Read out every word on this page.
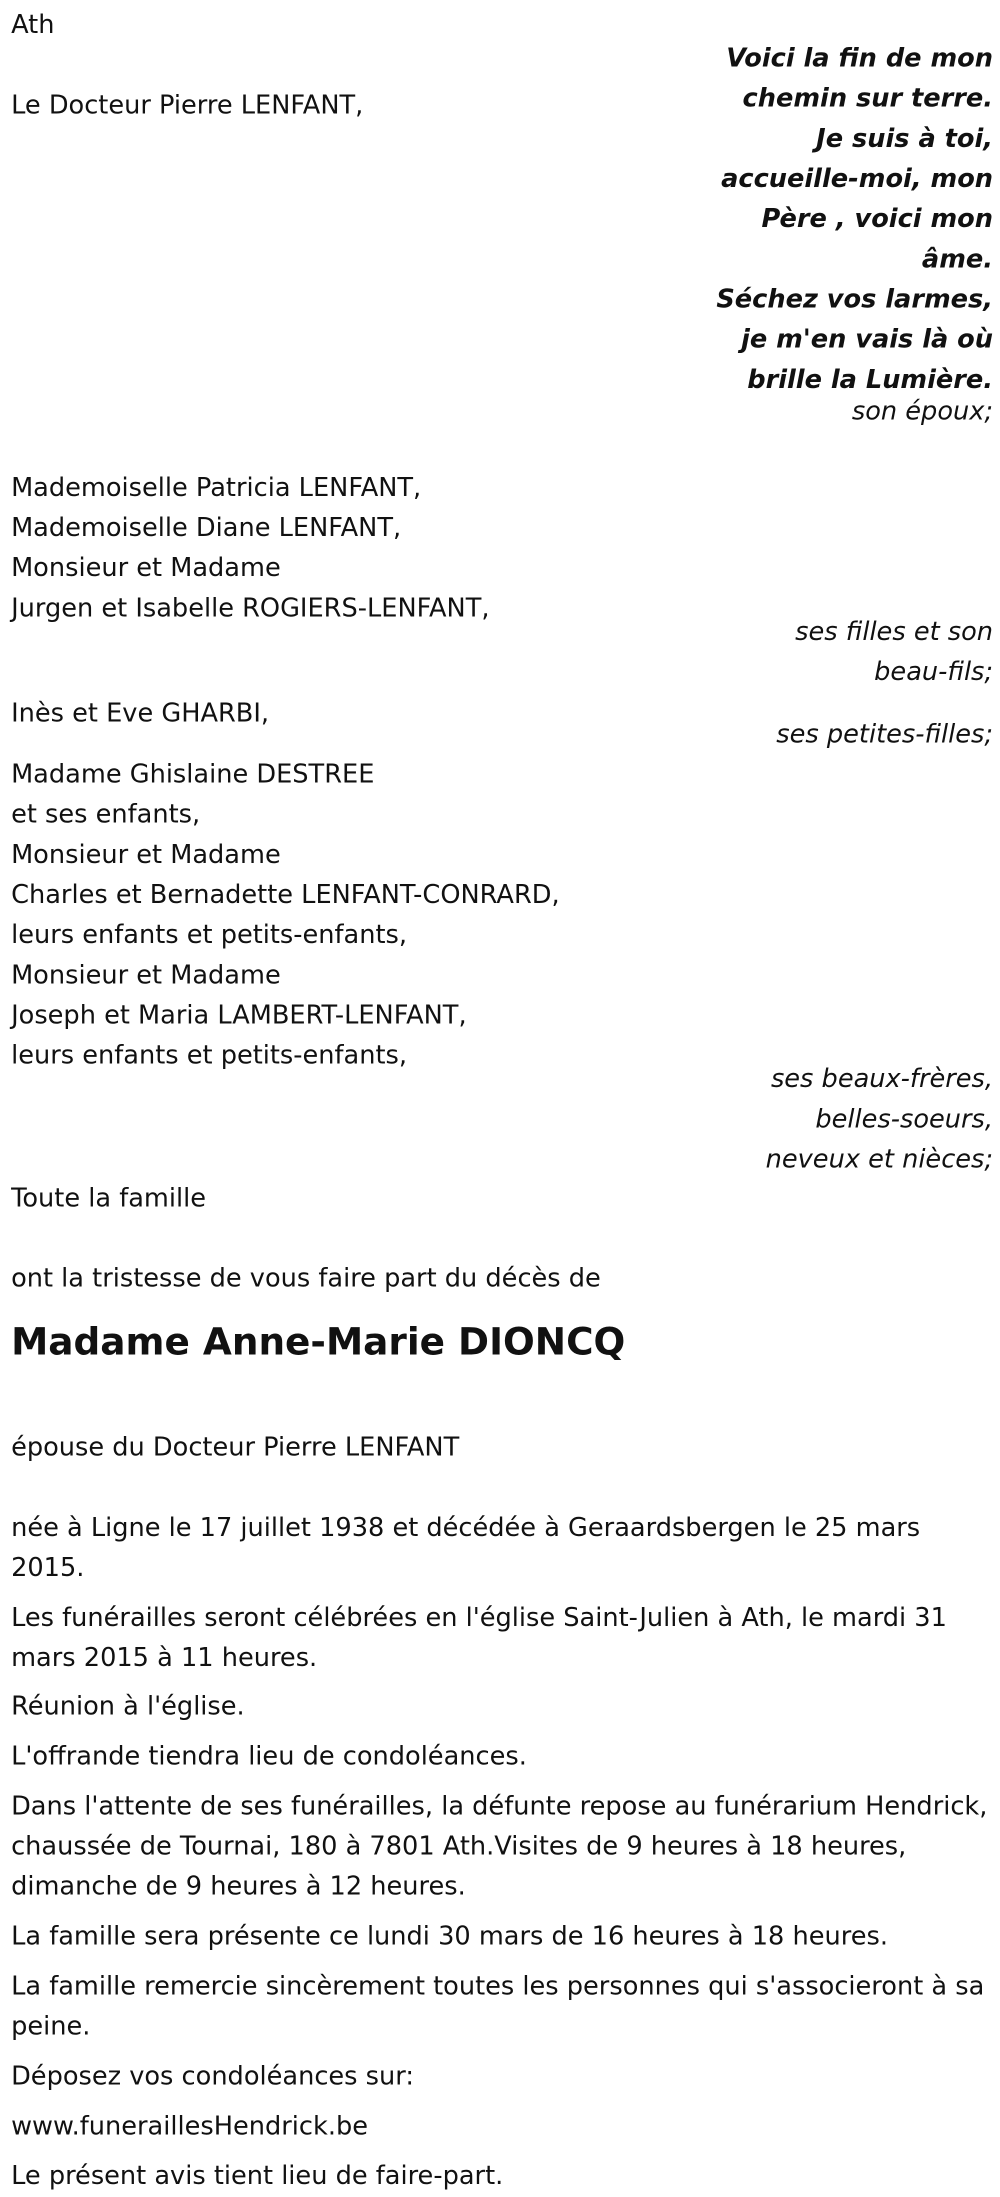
Ath
Voici la fin de mon
chemin sur terre.
Je suis à toi,
accueille-moi, mon
Père , voici mon
âme.
Séchez vos larmes,
je m'en vais là où
brille la Lumière.
Le Docteur Pierre LENFANT,
son époux;
Mademoiselle Patricia LENFANT,
Mademoiselle Diane LENFANT,
Monsieur et Madame
Jurgen et Isabelle ROGIERS-LENFANT,
ses filles et son
beau-fils;
Inès et Eve GHARBI,
ses petites-filles;
Madame Ghislaine DESTREE
et ses enfants,
Monsieur et Madame
Charles et Bernadette LENFANT-CONRARD,
leurs enfants et petits-enfants,
Monsieur et Madame
Joseph et Maria LAMBERT-LENFANT,
leurs enfants et petits-enfants,
ses beaux-frères,
belles-soeurs,
neveux et nièces;
Toute la famille
ont la tristesse de vous faire part du décès de
Madame Anne-Marie DIONCQ
épouse du Docteur Pierre LENFANT
née à Ligne le 17 juillet 1938 et décédée à Geraardsbergen le 25 mars 2015.
Les funérailles seront célébrées en l'église Saint-Julien à Ath, le mardi 31 mars 2015 à 11 heures.
Réunion à l'église.
L'offrande tiendra lieu de condoléances.
Dans l'attente de ses funérailles, la défunte repose au funérarium Hendrick, chaussée de Tournai, 180 à 7801 Ath.Visites de 9 heures à 18 heures, dimanche de 9 heures à 12 heures.
La famille sera présente ce lundi 30 mars de 16 heures à 18 heures.
La famille remercie sincèrement toutes les personnes qui s'associeront à sa peine.
Déposez vos condoléances sur:
www.funeraillesHendrick.be
Le présent avis tient lieu de faire-part.
